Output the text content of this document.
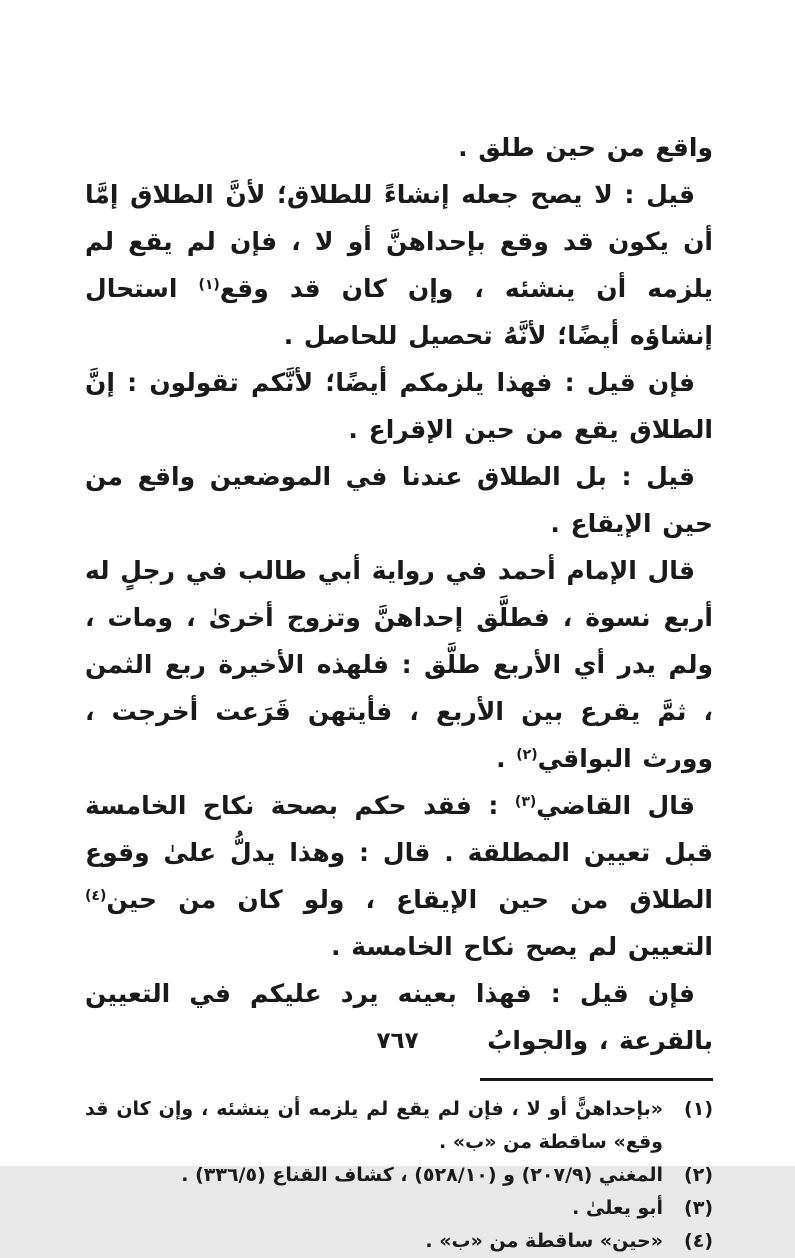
واقع من حين طلق .

قيل : لا يصح جعله إنشاءً للطلاق؛ لأنَّ الطلاق إمَّا أن يكون قد وقع بإحداهنَّ أو لا ، فإن لم يقع لم يلزمه أن ينشئه ، وإن كان قد وقع$^{(١)}$ استحال إنشاؤه أيضًا؛ لأنَّهُ تحصيل للحاصل .

فإن قيل : فهذا يلزمكم أيضًا؛ لأنَّكم تقولون : إنَّ الطلاق يقع من حين الإقراع .

قيل : بل الطلاق عندنا في الموضعين واقع من حين الإيقاع .

قال الإمام أحمد في رواية أبي طالب في رجلٍ له أربع نسوة ، فطلَّق إحداهنَّ وتزوج أخرىٰ ، ومات ، ولم يدر أي الأربع طلَّق : فلهذه الأخيرة ربع الثمن ، ثمَّ يقرع بين الأربع ، فأيتهن قَرَعت أخرجت ، وورث البواقي$^{(٢)}$ .

قال القاضي$^{(٣)}$ : فقد حكم بصحة نكاح الخامسة قبل تعيين المطلقة . قال : وهذا يدلُّ علىٰ وقوع الطلاق من حين الإيقاع ، ولو كان من حين$^{(٤)}$ التعيين لم يصح نكاح الخامسة .

فإن قيل : فهذا بعينه يرد عليكم في التعيين بالقرعة ، والجوابُ

(١)
«بإحداهنًّ أو لا ، فإن لم يقع لم يلزمه أن ينشئه ، وإن كان قد وقع» ساقطة من «ب» .
(٢)
المغني (٢٠٧/٩) و (٥٢٨/١٠) ، كشاف القناع (٣٣٦/٥) .
(٣)
أبو يعلىٰ .
(٤)
«حين» ساقطة من «ب» .
٧٦٧
